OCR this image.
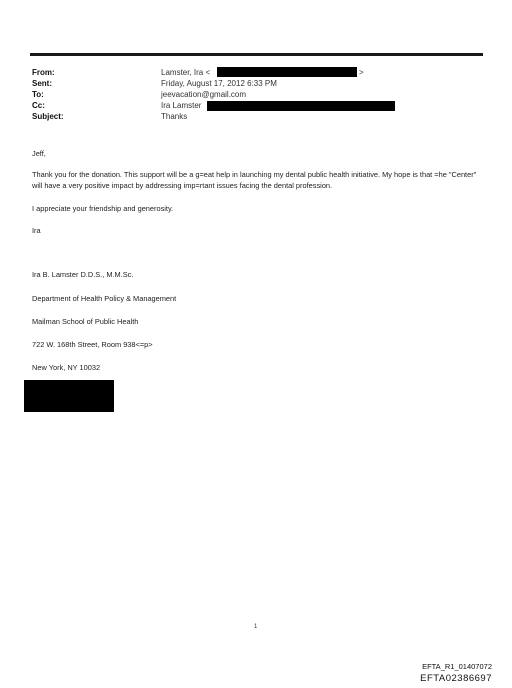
From:	Lamster, Ira <	>
Sent:	Friday, August 17, 2012 6:33 PM
To:	jeevacation@gmail.com
Cc:	Ira Lamster
Subject:	Thanks

Jeff,

Thank you for the donation. This support will be a g=eat help in launching my dental public health initiative. My hope is that =he "Center" will have a very positive impact by addressing imp=rtant issues facing the dental profession.

I appreciate your friendship and generosity.

Ira

Ira B. Lamster D.D.S., M.M.Sc.
Department of Health Policy & Management
Mailman School of Public Health
722 W. 168th Street, Room 938<=p>
New York, NY 10032
1
EFTA_R1_01407072
EFTA02386697
